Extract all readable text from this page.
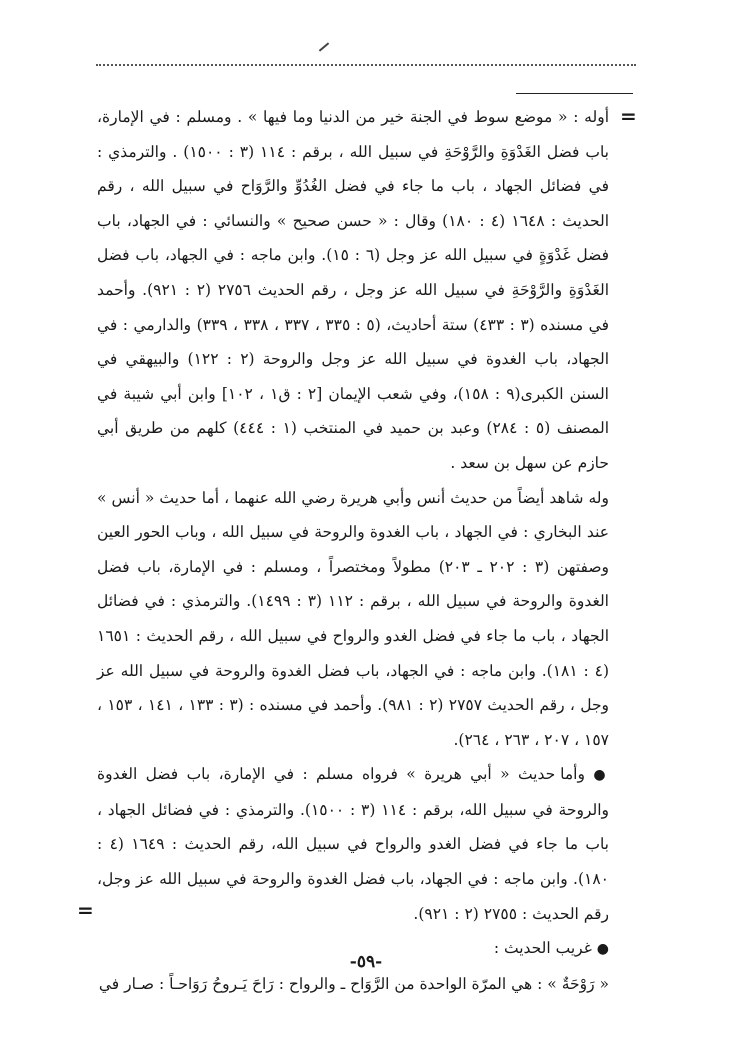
=
=

أوله : « موضع سوط في الجنة خير من الدنيا وما فيها » . ومسلم : في الإمارة، باب فضل الغَدْوَةِ والرَّوْحَةِ في سبيل الله ، برقم : ١١٤ (٣ : ١٥٠٠) . والترمذي : في فضائل الجهاد ، باب ما جاء في فضل الغُدُوِّ والرَّوَاح في سبيل الله ، رقم الحديث : ١٦٤٨ (٤ : ١٨٠) وقال : « حسن صحيح » والنسائي : في الجهاد، باب فضل غَدْوَةٍ في سبيل الله عز وجل (٦ : ١٥). وابن ماجه : في الجهاد، باب فضل الغَدْوَةِ والرَّوْحَةِ في سبيل الله عز وجل ، رقم الحديث ٢٧٥٦ (٢ : ٩٢١). وأحمد في مسنده (٣ : ٤٣٣) ستة أحاديث، (٥ : ٣٣٥ ، ٣٣٧ ، ٣٣٨ ، ٣٣٩) والدارمي : في الجهاد، باب الغدوة في سبيل الله عز وجل والروحة (٢ : ١٢٢) والبيهقي في السنن الكبرى(٩ : ١٥٨)، وفي شعب الإيمان [٢ : ق١ ، ١٠٢] وابن أبي شيبة في المصنف (٥ : ٢٨٤) وعبد بن حميد في المنتخب (١ : ٤٤٤) كلهم من طريق أبي حازم عن سهل بن سعد .

وله شاهد أيضاً من حديث أنس وأبي هريرة رضي الله عنهما ، أما حديث « أنس » عند البخاري : في الجهاد ، باب الغدوة والروحة في سبيل الله ، وباب الحور العين وصفتهن (٣ : ٢٠٢ ـ ٢٠٣) مطولاً ومختصراً ، ومسلم : في الإمارة، باب فضل الغدوة والروحة في سبيل الله ، برقم : ١١٢ (٣ : ١٤٩٩). والترمذي : في فضائل الجهاد ، باب ما جاء في فضل الغدو والرواح في سبيل الله ، رقم الحديث : ١٦٥١ (٤ : ١٨١). وابن ماجه : في الجهاد، باب فضل الغدوة والروحة في سبيل الله عز وجل ، رقم الحديث ٢٧٥٧ (٢ : ٩٨١). وأحمد في مسنده : (٣ : ١٣٣ ، ١٤١ ، ١٥٣ ، ١٥٧ ، ٢٠٧ ، ٢٦٣ ، ٢٦٤).

● وأما حديث « أبي هريرة » فرواه مسلم : في الإمارة، باب فضل الغدوة والروحة في سبيل الله، برقم : ١١٤ (٣ : ١٥٠٠). والترمذي : في فضائل الجهاد ، باب ما جاء في فضل الغدو والرواح في سبيل الله، رقم الحديث : ١٦٤٩ (٤ : ١٨٠). وابن ماجه : في الجهاد، باب فضل الغدوة والروحة في سبيل الله عز وجل، رقم الحديث : ٢٧٥٥ (٢ : ٩٢١).

● غريب الحديث :

« رَوْحَةٌ » : هي المرّة الواحدة من الرَّوَاح ـ والرواح : رَاحَ يَـروحُ رَوَاحـاً : صـار في

-٥٩-
